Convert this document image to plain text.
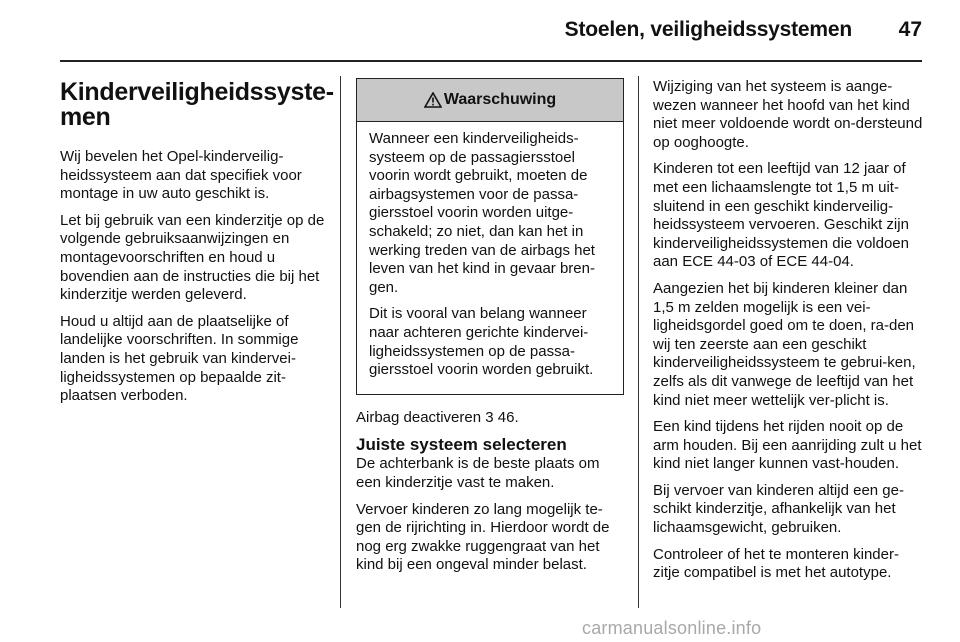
Stoelen, veiligheidssystemen 47
Kinderveiligheidssyste-
men

Wij bevelen het Opel-kinderveilig-heidssysteem aan dat specifiek voor montage in uw auto geschikt is.

Let bij gebruik van een kinderzitje op de volgende gebruiksaanwijzingen en montagevoorschriften en houd u bovendien aan de instructies die bij het kinderzitje werden geleverd.

Houd u altijd aan de plaatselijke of landelijke voorschriften. In sommige landen is het gebruik van kindervei-ligheidssystemen op bepaalde zit-plaatsen verboden.

Waarschuwing

Wanneer een kinderveiligheids-systeem op de passagiersstoel voorin wordt gebruikt, moeten de airbagsystemen voor de passa-giersstoel voorin worden uitge-schakeld; zo niet, dan kan het in werking treden van de airbags het leven van het kind in gevaar bren-gen.

Dit is vooral van belang wanneer naar achteren gerichte kindervei-ligheidssystemen op de passa-giersstoel voorin worden gebruikt.

Airbag deactiveren 3 46.

Juiste systeem selecteren

De achterbank is de beste plaats om een kinderzitje vast te maken.

Vervoer kinderen zo lang mogelijk te-gen de rijrichting in. Hierdoor wordt de nog erg zwakke ruggengraat van het kind bij een ongeval minder belast.

Wijziging van het systeem is aange-wezen wanneer het hoofd van het kind niet meer voldoende wordt on-dersteund op ooghoogte.

Kinderen tot een leeftijd van 12 jaar of met een lichaamslengte tot 1,5 m uit-sluitend in een geschikt kinderveilig-heidssysteem vervoeren. Geschikt zijn kinderveiligheidssystemen die voldoen aan ECE 44-03 of ECE 44-04.

Aangezien het bij kinderen kleiner dan 1,5 m zelden mogelijk is een vei-ligheidsgordel goed om te doen, ra-den wij ten zeerste aan een geschikt kinderveiligheidssysteem te gebrui-ken, zelfs als dit vanwege de leeftijd van het kind niet meer wettelijk ver-plicht is.

Een kind tijdens het rijden nooit op de arm houden. Bij een aanrijding zult u het kind niet langer kunnen vast-houden.

Bij vervoer van kinderen altijd een ge-schikt kinderzitje, afhankelijk van het lichaamsgewicht, gebruiken.

Controleer of het te monteren kinder-zitje compatibel is met het autotype.

carmanualsonline.info
